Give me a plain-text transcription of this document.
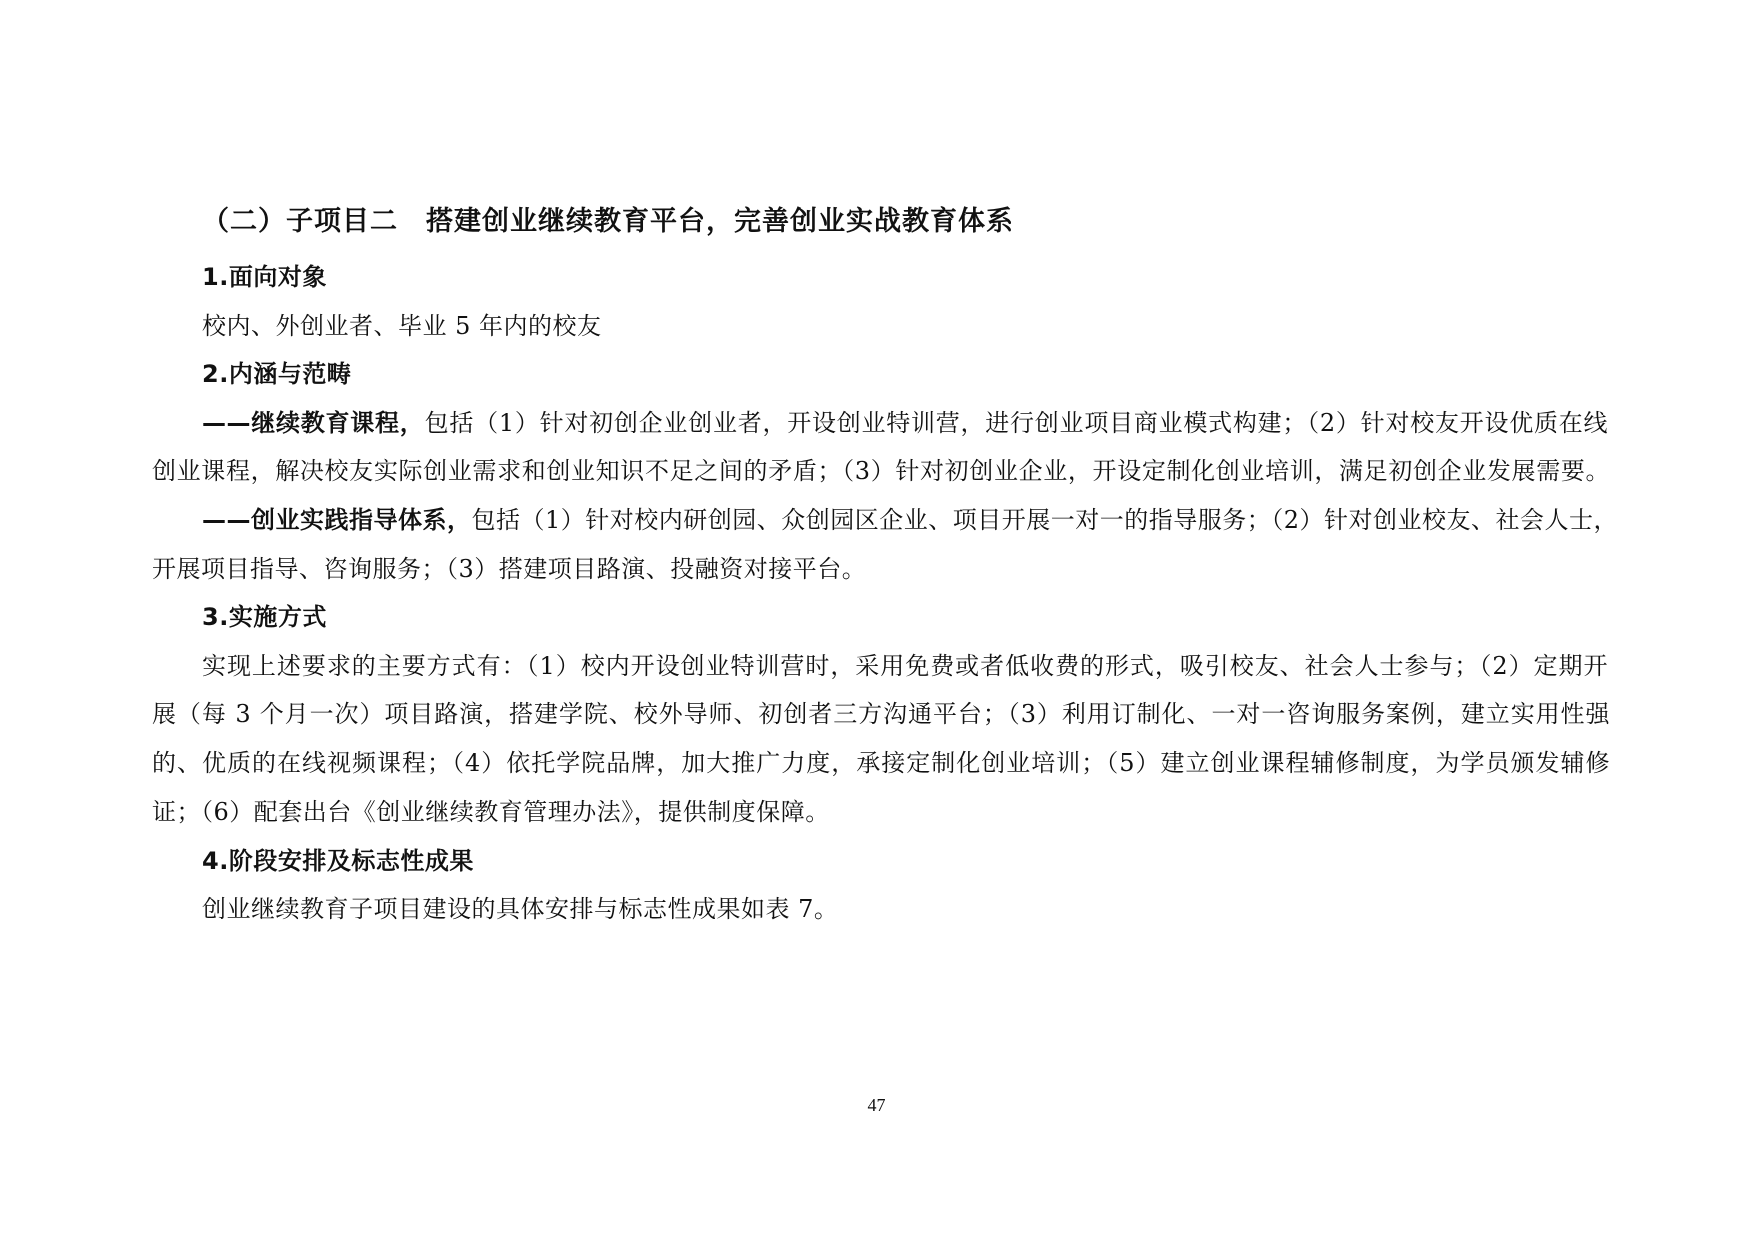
（二）子项目二　搭建创业继续教育平台，完善创业实战教育体系
1.面向对象
校内、外创业者、毕业 5 年内的校友
2.内涵与范畴
——继续教育课程，包括（1）针对初创企业创业者，开设创业特训营，进行创业项目商业模式构建；（2）针对校友开设优质在线
创业课程，解决校友实际创业需求和创业知识不足之间的矛盾；（3）针对初创业企业，开设定制化创业培训，满足初创企业发展需要。
——创业实践指导体系，包括（1）针对校内研创园、众创园区企业、项目开展一对一的指导服务；（2）针对创业校友、社会人士，
开展项目指导、咨询服务；（3）搭建项目路演、投融资对接平台。
3.实施方式
实现上述要求的主要方式有：（1）校内开设创业特训营时，采用免费或者低收费的形式，吸引校友、社会人士参与；（2）定期开
展（每 3 个月一次）项目路演，搭建学院、校外导师、初创者三方沟通平台；（3）利用订制化、一对一咨询服务案例，建立实用性强
的、优质的在线视频课程；（4）依托学院品牌，加大推广力度，承接定制化创业培训；（5）建立创业课程辅修制度，为学员颁发辅修
证；（6）配套出台《创业继续教育管理办法》，提供制度保障。
4.阶段安排及标志性成果
创业继续教育子项目建设的具体安排与标志性成果如表 7。
47
